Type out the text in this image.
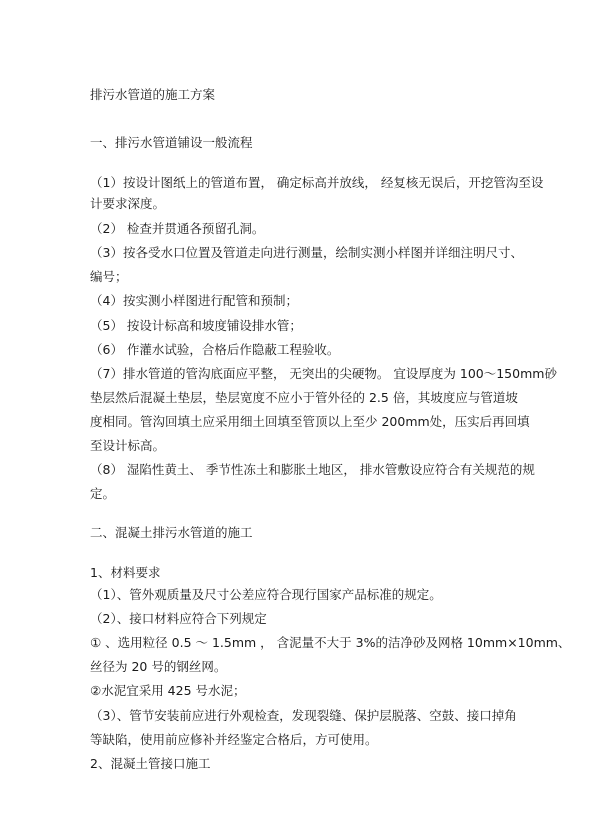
排污水管道的施工方案
一、排污水管道铺设一般流程
（1）按设计图纸上的管道布置， 确定标高并放线， 经复核无误后，开挖管沟至设
计要求深度。
（2） 检查并贯通各预留孔洞。
（3）按各受水口位置及管道走向进行测量，绘制实测小样图并详细注明尺寸、
编号；
（4）按实测小样图进行配管和预制；
（5） 按设计标高和坡度铺设排水管；
（6） 作灌水试验，合格后作隐蔽工程验收。
（7）排水管道的管沟底面应平整， 无突出的尖硬物。 宜设厚度为 100～150mm砂
垫层然后混凝土垫层，垫层宽度不应小于管外径的 2.5 倍，其坡度应与管道坡
度相同。管沟回填土应采用细土回填至管顶以上至少 200mm处，压实后再回填
至设计标高。
（8） 湿陷性黄土、 季节性冻土和膨胀土地区， 排水管敷设应符合有关规范的规
定。
二、混凝土排污水管道的施工
1、材料要求
（1）、管外观质量及尺寸公差应符合现行国家产品标准的规定。
（2）、接口材料应符合下列规定
① 、选用粒径 0.5 ～ 1.5mm ， 含泥量不大于 3%的洁净砂及网格 10mm×10mm、
丝径为 20 号的钢丝网。
②水泥宜采用 425 号水泥；
（3）、管节安装前应进行外观检查，发现裂缝、保护层脱落、空鼓、接口掉角
等缺陷，使用前应修补并经鉴定合格后，方可使用。
2、混凝土管接口施工
